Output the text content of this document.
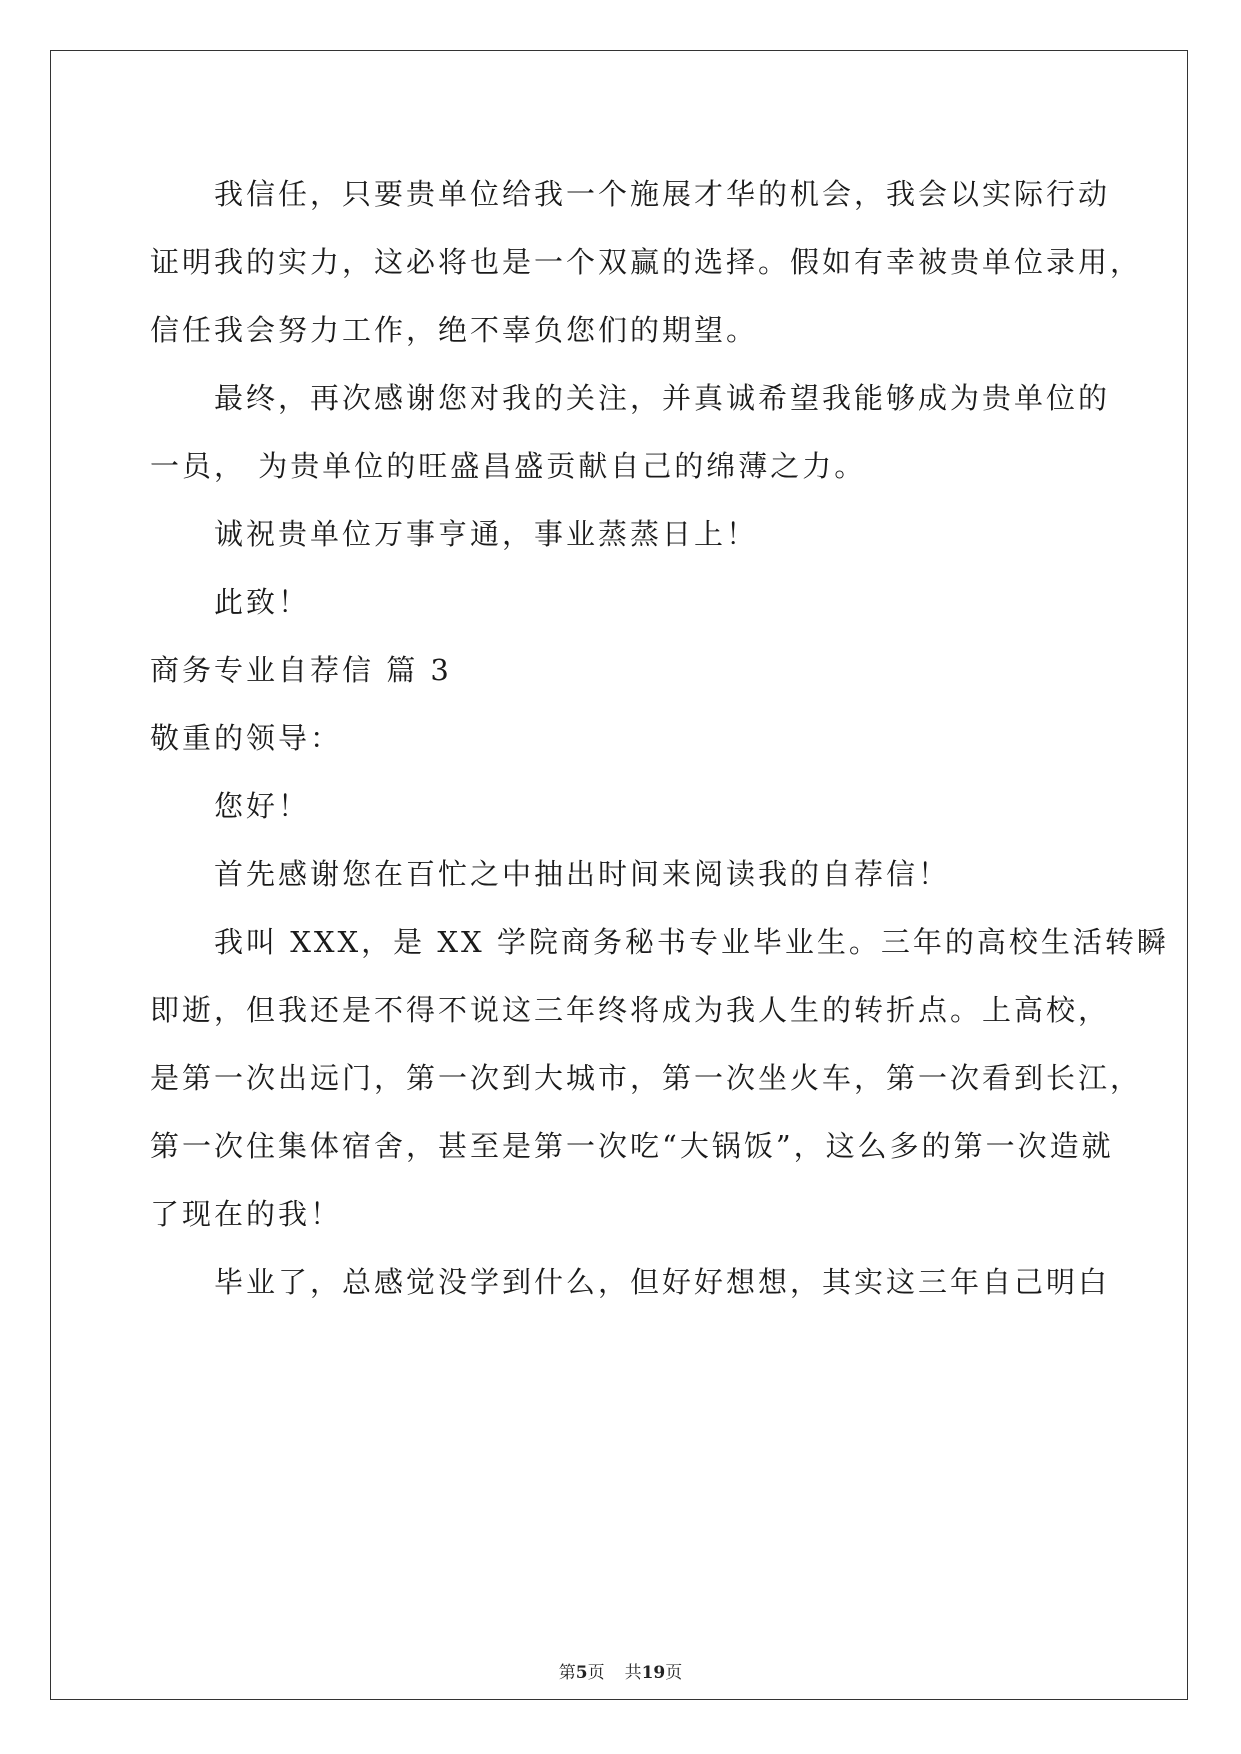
我信任，只要贵单位给我一个施展才华的机会，我会以实际行动

证明我的实力，这必将也是一个双赢的选择。假如有幸被贵单位录用，

信任我会努力工作，绝不辜负您们的期望。

最终，再次感谢您对我的关注，并真诚希望我能够成为贵单位的

一员， 为贵单位的旺盛昌盛贡献自己的绵薄之力。

诚祝贵单位万事亨通，事业蒸蒸日上！

此致！

商务专业自荐信 篇 3

敬重的领导：

您好！

首先感谢您在百忙之中抽出时间来阅读我的自荐信！

我叫 XXX，是 XX 学院商务秘书专业毕业生。三年的高校生活转瞬

即逝，但我还是不得不说这三年终将成为我人生的转折点。上高校，

是第一次出远门，第一次到大城市，第一次坐火车，第一次看到长江，

第一次住集体宿舍，甚至是第一次吃“大锅饭”，这么多的第一次造就

了现在的我！

毕业了，总感觉没学到什么，但好好想想，其实这三年自己明白

第5页 共19页
